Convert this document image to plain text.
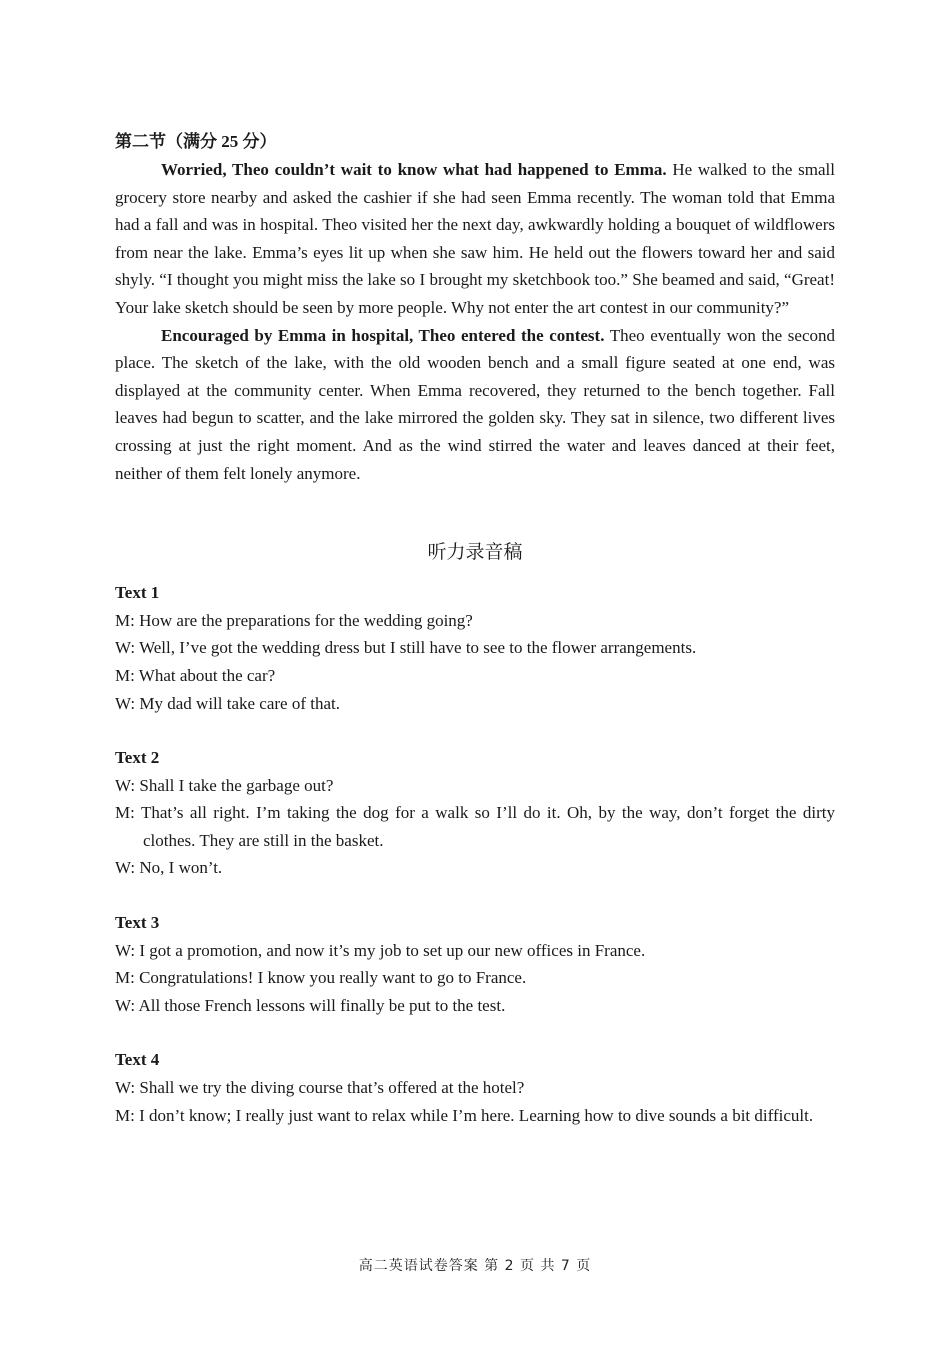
第二节（满分 25 分）

Worried, Theo couldn’t wait to know what had happened to Emma. He walked to the small grocery store nearby and asked the cashier if she had seen Emma recently. The woman told that Emma had a fall and was in hospital. Theo visited her the next day, awkwardly holding a bouquet of wildflowers from near the lake. Emma’s eyes lit up when she saw him. He held out the flowers toward her and said shyly. “I thought you might miss the lake so I brought my sketchbook too.” She beamed and said, “Great! Your lake sketch should be seen by more people. Why not enter the art contest in our community?”

Encouraged by Emma in hospital, Theo entered the contest. Theo eventually won the second place. The sketch of the lake, with the old wooden bench and a small figure seated at one end, was displayed at the community center. When Emma recovered, they returned to the bench together. Fall leaves had begun to scatter, and the lake mirrored the golden sky. They sat in silence, two different lives crossing at just the right moment. And as the wind stirred the water and leaves danced at their feet, neither of them felt lonely anymore.

听力录音稿

Text 1

M: How are the preparations for the wedding going?

W: Well, I’ve got the wedding dress but I still have to see to the flower arrangements.

M: What about the car?

W: My dad will take care of that.

Text 2

W: Shall I take the garbage out?

M: That’s all right. I’m taking the dog for a walk so I’ll do it. Oh, by the way, don’t forget the dirty clothes. They are still in the basket.

W: No, I won’t.

Text 3

W: I got a promotion, and now it’s my job to set up our new offices in France.

M: Congratulations! I know you really want to go to France.

W: All those French lessons will finally be put to the test.

Text 4

W: Shall we try the diving course that’s offered at the hotel?

M: I don’t know; I really just want to relax while I’m here. Learning how to dive sounds a bit difficult.

高二英语试卷答案 第 2 页 共 7 页
